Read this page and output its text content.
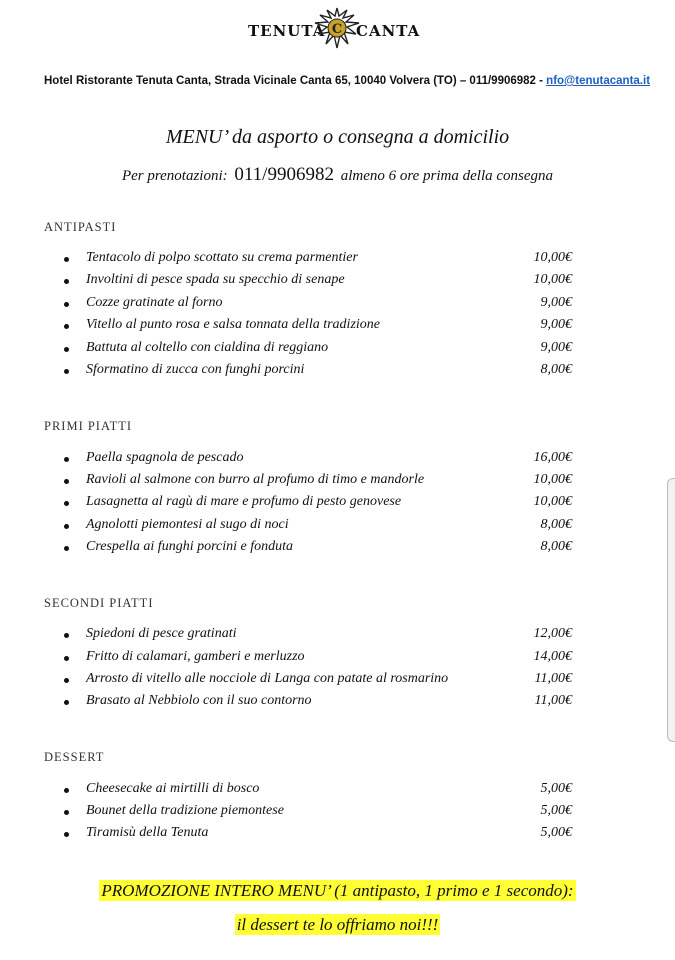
TENUTA C CANTA
Hotel Ristorante Tenuta Canta, Strada Vicinale Canta 65, 10040 Volvera (TO) – 011/9906982 - nfo@tenutacanta.it
MENU’ da asporto o consegna a domicilio
Per prenotazioni: 011/9906982 almeno 6 ore prima della consegna
ANTIPASTI
Tentacolo di polpo scottato su crema parmentier	10,00€
Involtini di pesce spada su specchio di senape	10,00€
Cozze gratinate al forno	9,00€
Vitello al punto rosa e salsa tonnata della tradizione	9,00€
Battuta al coltello con cialdina di reggiano	9,00€
Sformatino di zucca con funghi porcini	8,00€
PRIMI PIATTI
Paella spagnola de pescado	16,00€
Ravioli al salmone con burro al profumo di timo e mandorle	10,00€
Lasagnetta al ragù di mare e profumo di pesto genovese	10,00€
Agnolotti piemontesi al sugo di noci	8,00€
Crespella ai funghi porcini e fonduta	8,00€
SECONDI PIATTI
Spiedoni di pesce gratinati	12,00€
Fritto di calamari, gamberi e merluzzo	14,00€
Arrosto di vitello alle nocciole di Langa con patate al rosmarino	11,00€
Brasato al Nebbiolo con il suo contorno	11,00€
DESSERT
Cheesecake ai mirtilli di bosco	5,00€
Bounet della tradizione piemontese	5,00€
Tiramisù della Tenuta	5,00€
PROMOZIONE INTERO MENU’ (1 antipasto, 1 primo e 1 secondo):
il dessert te lo offriamo noi!!!
